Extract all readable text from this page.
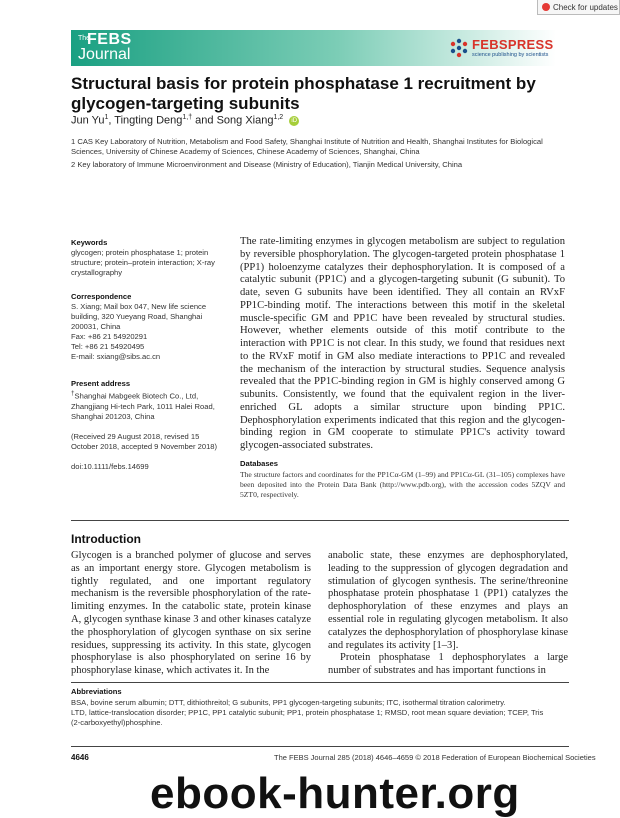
Check for updates
The
FEBS
Journal
FEBSPRESS
science publishing by scientists
Structural basis for protein phosphatase 1 recruitment by
glycogen-targeting subunits
Jun Yu$^1$, Tingting Deng$^{1,\dagger}$ and Song Xiang$^{1,2}$ iD
1 CAS Key Laboratory of Nutrition, Metabolism and Food Safety, Shanghai Institute of Nutrition and Health, Shanghai Institutes for Biological Sciences, University of Chinese Academy of Sciences, Chinese Academy of Sciences, Shanghai, China
2 Key laboratory of Immune Microenvironment and Disease (Ministry of Education), Tianjin Medical University, China
Keywords
glycogen; protein phosphatase 1; protein structure; protein–protein interaction; X-ray crystallography
Correspondence
S. Xiang; Mail box 047, New life science
building, 320 Yueyang Road, Shanghai
200031, China
Fax: +86 21 54920291
Tel: +86 21 54920495
E-mail: sxiang@sibs.ac.cn
Present address
†Shanghai Mabgeek Biotech Co., Ltd,
Zhangjiang Hi-tech Park, 1011 Halei Road,
Shanghai 201203, China
(Received 29 August 2018, revised 15
October 2018, accepted 9 November 2018)
doi:10.1111/febs.14699
The rate-limiting enzymes in glycogen metabolism are subject to regulation by reversible phosphorylation. The glycogen-targeted protein phosphatase 1 (PP1) holoenzyme catalyzes their dephosphorylation. It is composed of a catalytic subunit (PP1C) and a glycogen-targeting subunit (G subunit). To date, seven G subunits have been identified. They all contain an RVxF PP1C-binding motif. The interactions between this motif in the skeletal muscle-specific GM and PP1C have been revealed by structural studies. However, whether elements outside of this motif contribute to the interaction with PP1C is not clear. In this study, we found that residues next to the RVxF motif in GM also mediate interactions to PP1C and revealed the mechanism of the interaction by structural studies. Sequence analysis revealed that the PP1C-binding region in GM is highly conserved among G subunits. Consistently, we found that the equivalent region in the liver-enriched GL adopts a similar structure upon binding PP1C. Dephosphorylation experiments indicated that this region and the glycogen-binding region in GM cooperate to stimulate PP1C's activity toward glycogen-associated substrates.
Databases
The structure factors and coordinates for the PP1Cα-GM (1–99) and PP1Cα-GL (31–105) complexes have been deposited into the Protein Data Bank (http://www.pdb.org), with the accession codes 5ZQV and 5ZT0, respectively.
Introduction
Glycogen is a branched polymer of glucose and serves as an important energy store. Glycogen metabolism is tightly regulated, and one important regulatory mechanism is the reversible phosphorylation of the rate-limiting enzymes. In the catabolic state, protein kinase A, glycogen synthase kinase 3 and other kinases catalyze the phosphorylation of glycogen synthase on six serine residues, suppressing its activity. In this state, glycogen phosphorylase is also phosphorylated on serine 16 by phosphorylase kinase, which activates it. In the
anabolic state, these enzymes are dephosphorylated, leading to the suppression of glycogen degradation and stimulation of glycogen synthesis. The serine/threonine phosphatase protein phosphatase 1 (PP1) catalyzes the dephosphorylation of these enzymes and plays an essential role in regulating glycogen metabolism. It also catalyzes the dephosphorylation of phosphorylase kinase and regulates its activity [1–3].
Protein phosphatase 1 dephosphorylates a large number of substrates and has important functions in
Abbreviations
BSA, bovine serum albumin; DTT, dithiothreitol; G subunits, PP1 glycogen-targeting subunits; ITC, isothermal titration calorimetry.
LTD, lattice-translocation disorder; PP1C, PP1 catalytic subunit; PP1, protein phosphatase 1; RMSD, root mean square deviation; TCEP, Tris
(2-carboxyethyl)phosphine.
4646	The FEBS Journal 285 (2018) 4646–4659 © 2018 Federation of European Biochemical Societies
ebook-hunter.org
